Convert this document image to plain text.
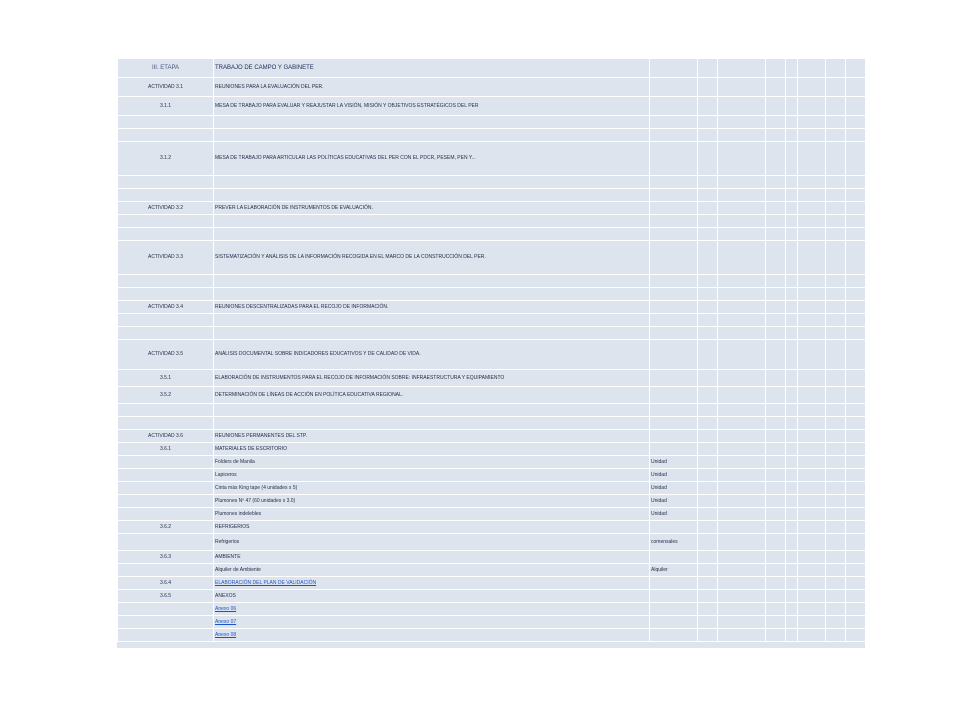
III. ETAPA	TRABAJO DE CAMPO Y GABINETE								
ACTIVIDAD 3.1	REUNIONES PARA LA EVALUACIÓN DEL PER.								
3.1.1	MESA DE TRABAJO PARA EVALUAR Y REAJUSTAR LA VISIÓN, MISIÓN Y OBJETIVOS ESTRATÉGICOS DEL PER								

3.1.2	MESA DE TRABAJO PARA ARTICULAR LAS POLÍTICAS EDUCATIVAS DEL PER CON EL PDCR, PESEM, PEN Y...								

ACTIVIDAD 3.2	PREVER LA ELABORACIÓN DE INSTRUMENTOS DE EVALUACIÓN.								

ACTIVIDAD 3.3	SISTEMATIZACIÓN Y ANÁLISIS DE LA INFORMACIÓN RECOGIDA EN EL MARCO DE LA CONSTRUCCIÓN DEL PER.								

ACTIVIDAD 3.4	REUNIONES DESCENTRALIZADAS PARA EL RECOJO DE INFORMACIÓN.								

ACTIVIDAD 3.5	ANÁLISIS DOCUMENTAL SOBRE INDICADORES EDUCATIVOS Y DE CALIDAD DE VIDA.								
3.5.1	ELABORACIÓN DE INSTRUMENTOS PARA EL RECOJO DE INFORMACIÓN SOBRE: INFRAESTRUCTURA Y EQUIPAMIENTO								
3.5.2	DETERMINACIÓN DE LÍNEAS DE ACCIÓN EN POLÍTICA EDUCATIVA REGIONAL.								

ACTIVIDAD 3.6	REUNIONES PERMANENTES DEL STP.								
3.6.1	MATERIALES DE ESCRITORIO								
	Folders de Manila	Unidad							
	Lapiceros	Unidad							
	Cinta más King tape (4 unidades x 5)	Unidad							
	Plumones Nº 47 (60 unidades x 3.0)	Unidad							
	Plumones indelebles	Unidad							
3.6.2	REFRIGERIOS								
	Refrigerios	comensales							
3.6.3	AMBIENTE								
	Alquiler de Ambiente	Alquiler							
3.6.4	ELABORACIÓN DEL PLAN DE VALIDACIÓN								
3.6.5	ANEXOS								
	Anexo 06								
	Anexo 07								
	Anexo 08								
